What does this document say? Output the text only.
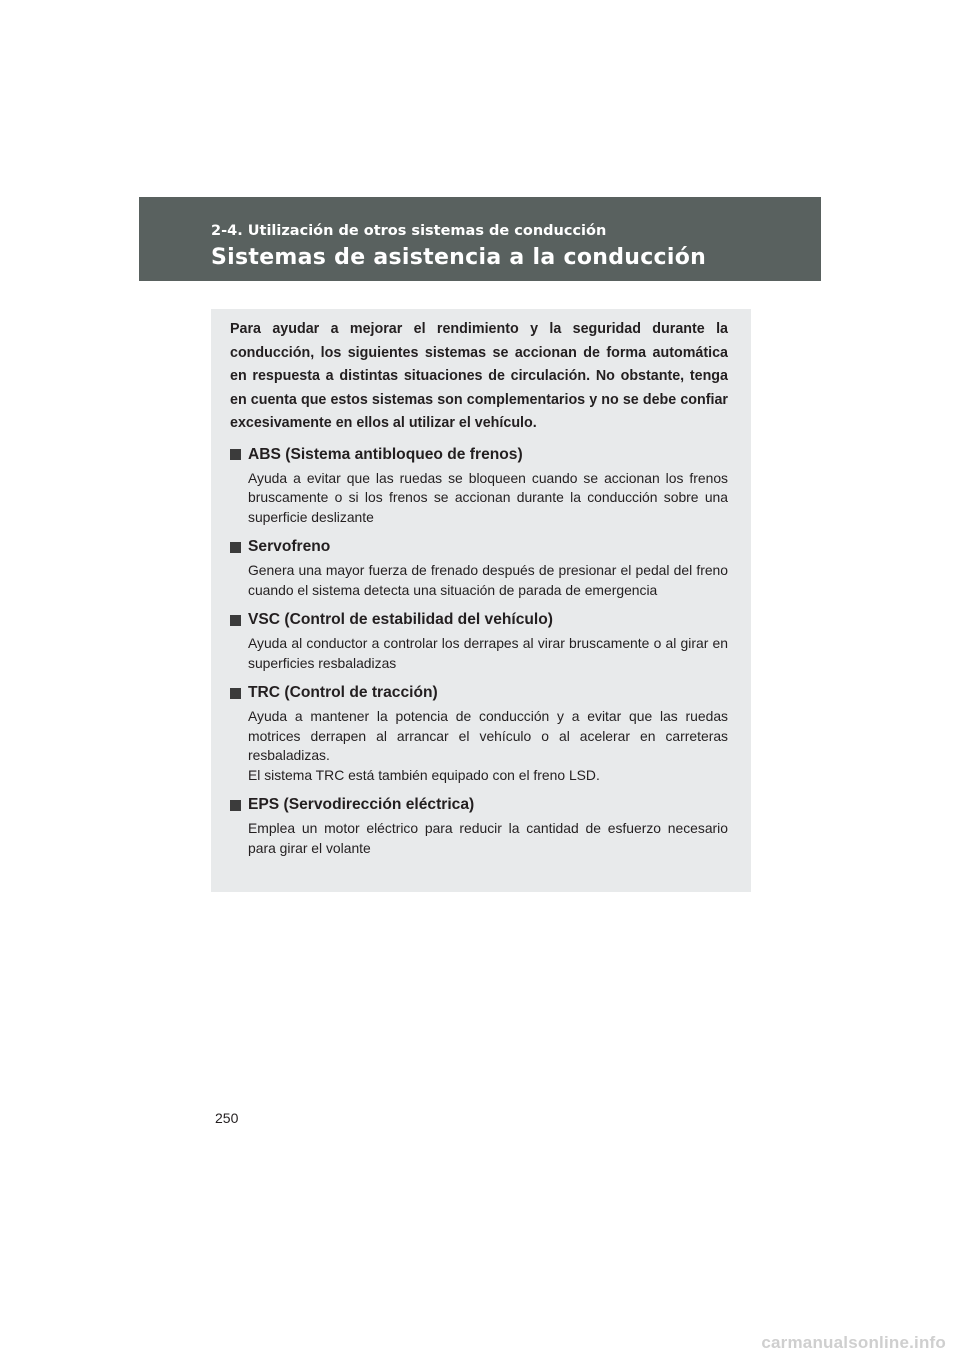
2-4. Utilización de otros sistemas de conducción
Sistemas de asistencia a la conducción

Para ayudar a mejorar el rendimiento y la seguridad durante la conducción, los siguientes sistemas se accionan de forma automática en respuesta a distintas situaciones de circulación. No obstante, tenga en cuenta que estos sistemas son complementarios y no se debe confiar excesivamente en ellos al utilizar el vehículo.

ABS (Sistema antibloqueo de frenos)

Ayuda a evitar que las ruedas se bloqueen cuando se accionan los frenos bruscamente o si los frenos se accionan durante la conducción sobre una superficie deslizante

Servofreno

Genera una mayor fuerza de frenado después de presionar el pedal del freno cuando el sistema detecta una situación de parada de emergencia

VSC (Control de estabilidad del vehículo)

Ayuda al conductor a controlar los derrapes al virar bruscamente o al girar en superficies resbaladizas

TRC (Control de tracción)

Ayuda a mantener la potencia de conducción y a evitar que las ruedas motrices derrapen al arrancar el vehículo o al acelerar en carreteras resbaladizas.

El sistema TRC está también equipado con el freno LSD.

EPS (Servodirección eléctrica)

Emplea un motor eléctrico para reducir la cantidad de esfuerzo necesario para girar el volante

250
carmanualsonline.info
